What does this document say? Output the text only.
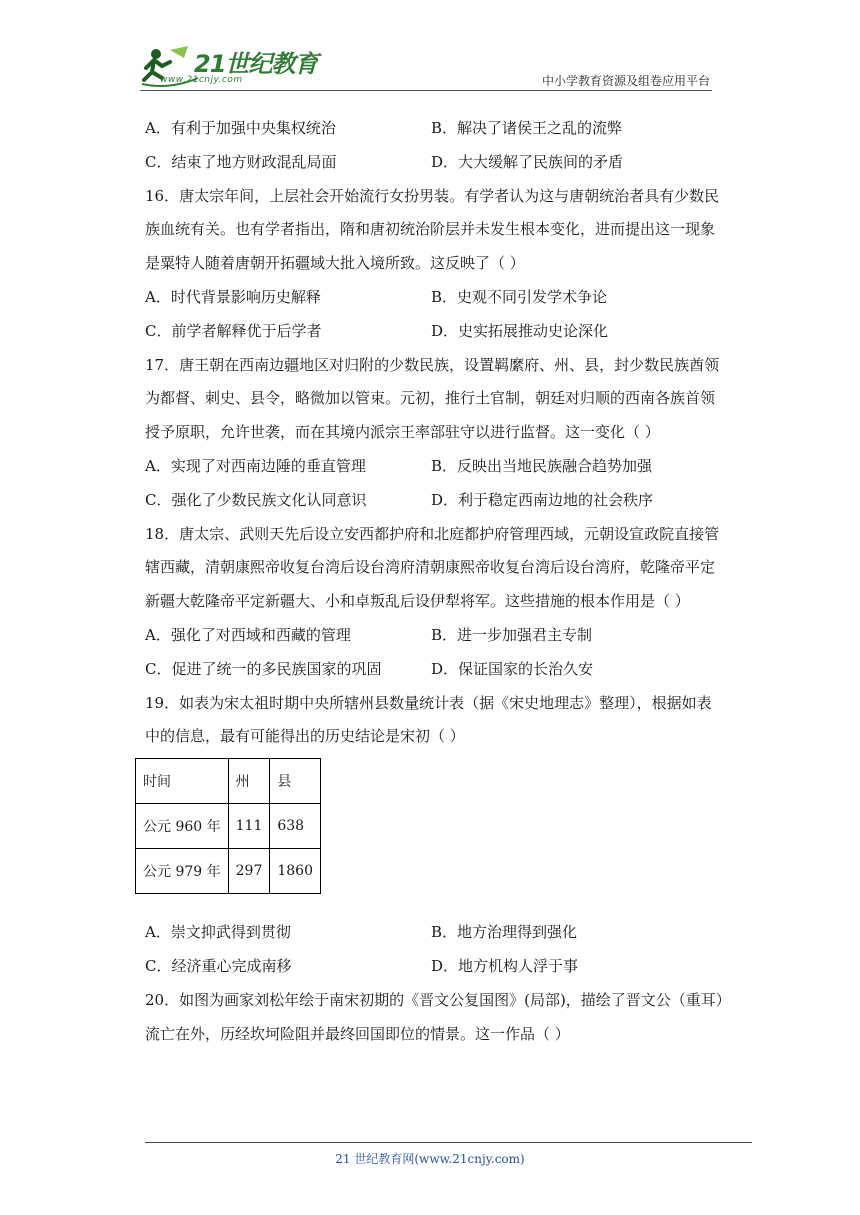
21世纪教育
www.21cnjy.com	中小学教育资源及组卷应用平台
A．有利于加强中央集权统治	B．解决了诸侯王之乱的流弊
C．结束了地方财政混乱局面	D．大大缓解了民族间的矛盾
16．唐太宗年间，上层社会开始流行女扮男装。有学者认为这与唐朝统治者具有少数民
族血统有关。也有学者指出，隋和唐初统治阶层并未发生根本变化，进而提出这一现象
是粟特人随着唐朝开拓疆域大批入境所致。这反映了（ ）
A．时代背景影响历史解释	B．史观不同引发学术争论
C．前学者解释优于后学者	D．史实拓展推动史论深化
17．唐王朝在西南边疆地区对归附的少数民族，设置羁縻府、州、县，封少数民族酋领
为都督、刺史、县令，略微加以管束。元初，推行土官制，朝廷对归顺的西南各族首领
授予原职，允许世袭，而在其境内派宗王率部驻守以进行监督。这一变化（ ）
A．实现了对西南边陲的垂直管理	B．反映出当地民族融合趋势加强
C．强化了少数民族文化认同意识	D．利于稳定西南边地的社会秩序
18．唐太宗、武则天先后设立安西都护府和北庭都护府管理西域，元朝设宣政院直接管
辖西藏，清朝康熙帝收复台湾后设台湾府清朝康熙帝收复台湾后设台湾府，乾隆帝平定
新疆大乾隆帝平定新疆大、小和卓叛乱后设伊犁将军。这些措施的根本作用是（ ）
A．强化了对西域和西藏的管理	B．进一步加强君主专制
C．促进了统一的多民族国家的巩固	D．保证国家的长治久安
19．如表为宋太祖时期中央所辖州县数量统计表（据《宋史地理志》整理），根据如表
中的信息，最有可能得出的历史结论是宋初（ ）
时间	州	县
公元 960 年	111	638
公元 979 年	297	1860
A．崇文抑武得到贯彻	B．地方治理得到强化
C．经济重心完成南移	D．地方机构人浮于事
20．如图为画家刘松年绘于南宋初期的《晋文公复国图》(局部)，描绘了晋文公（重耳）
流亡在外，历经坎坷险阻并最终回国即位的情景。这一作品（ ）
21 世纪教育网(www.21cnjy.com)
